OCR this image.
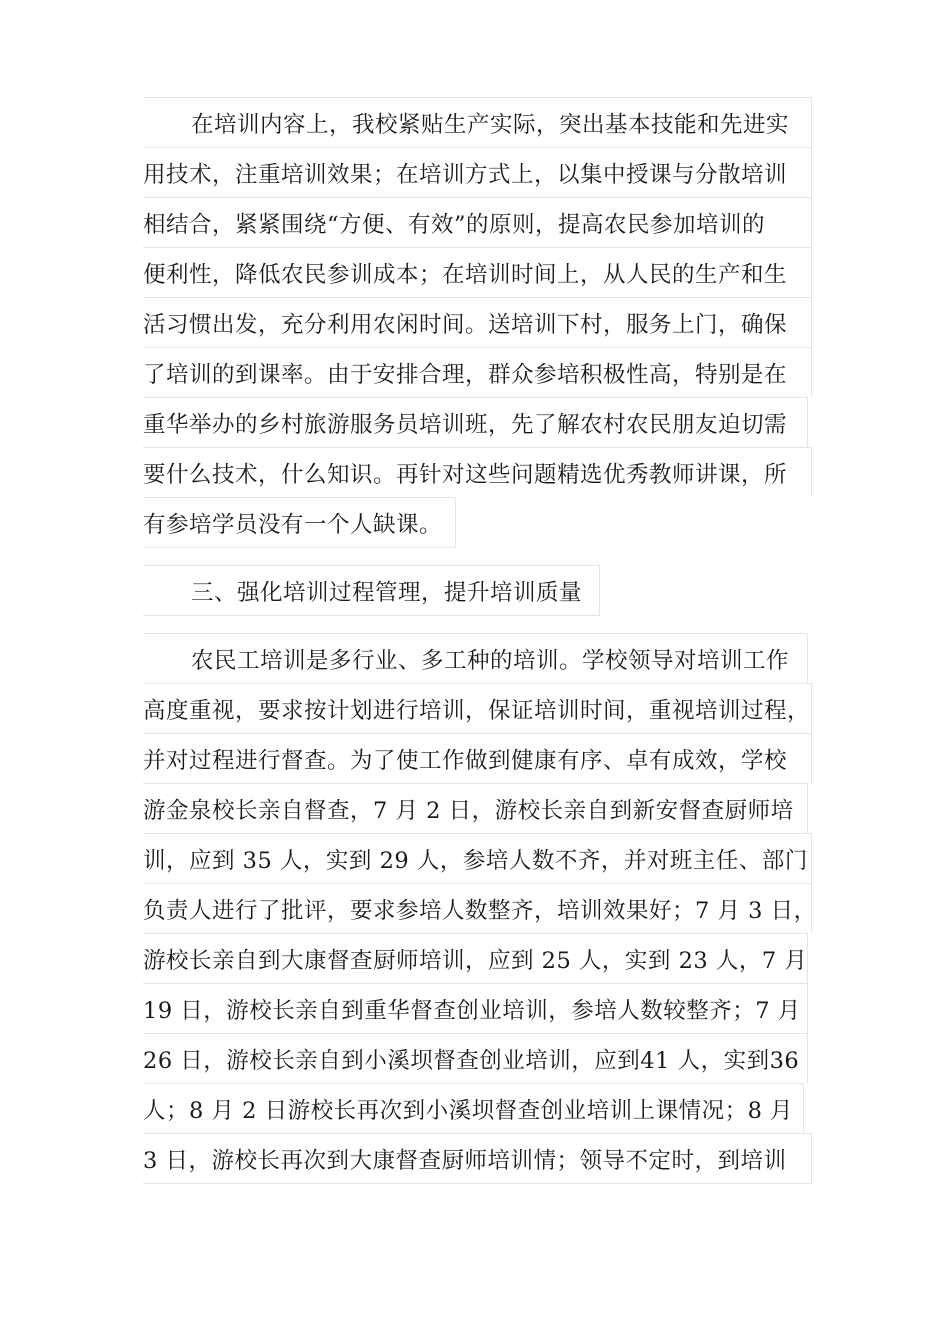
在培训内容上，我校紧贴生产实际，突出基本技能和先进实
用技术，注重培训效果；在培训方式上，以集中授课与分散培训
相结合，紧紧围绕“方便、有效”的原则，提高农民参加培训的
便利性，降低农民参训成本；在培训时间上，从人民的生产和生
活习惯出发，充分利用农闲时间。送培训下村，服务上门，确保
了培训的到课率。由于安排合理，群众参培积极性高，特别是在
重华举办的乡村旅游服务员培训班，先了解农村农民朋友迫切需
要什么技术，什么知识。再针对这些问题精选优秀教师讲课，所
有参培学员没有一个人缺课。
三、强化培训过程管理，提升培训质量
农民工培训是多行业、多工种的培训。学校领导对培训工作
高度重视，要求按计划进行培训，保证培训时间，重视培训过程，
并对过程进行督查。为了使工作做到健康有序、卓有成效，学校
游金泉校长亲自督查，7 月 2 日，游校长亲自到新安督查厨师培
训，应到 35 人，实到 29 人，参培人数不齐，并对班主任、部门
负责人进行了批评，要求参培人数整齐，培训效果好；7 月 3 日，
游校长亲自到大康督查厨师培训，应到 25 人，实到 23 人，7 月
19 日，游校长亲自到重华督查创业培训，参培人数较整齐；7 月
26 日，游校长亲自到小溪坝督查创业培训，应到41 人，实到36
人；8 月 2 日游校长再次到小溪坝督查创业培训上课情况；8 月
3 日，游校长再次到大康督查厨师培训情；领导不定时，到培训
